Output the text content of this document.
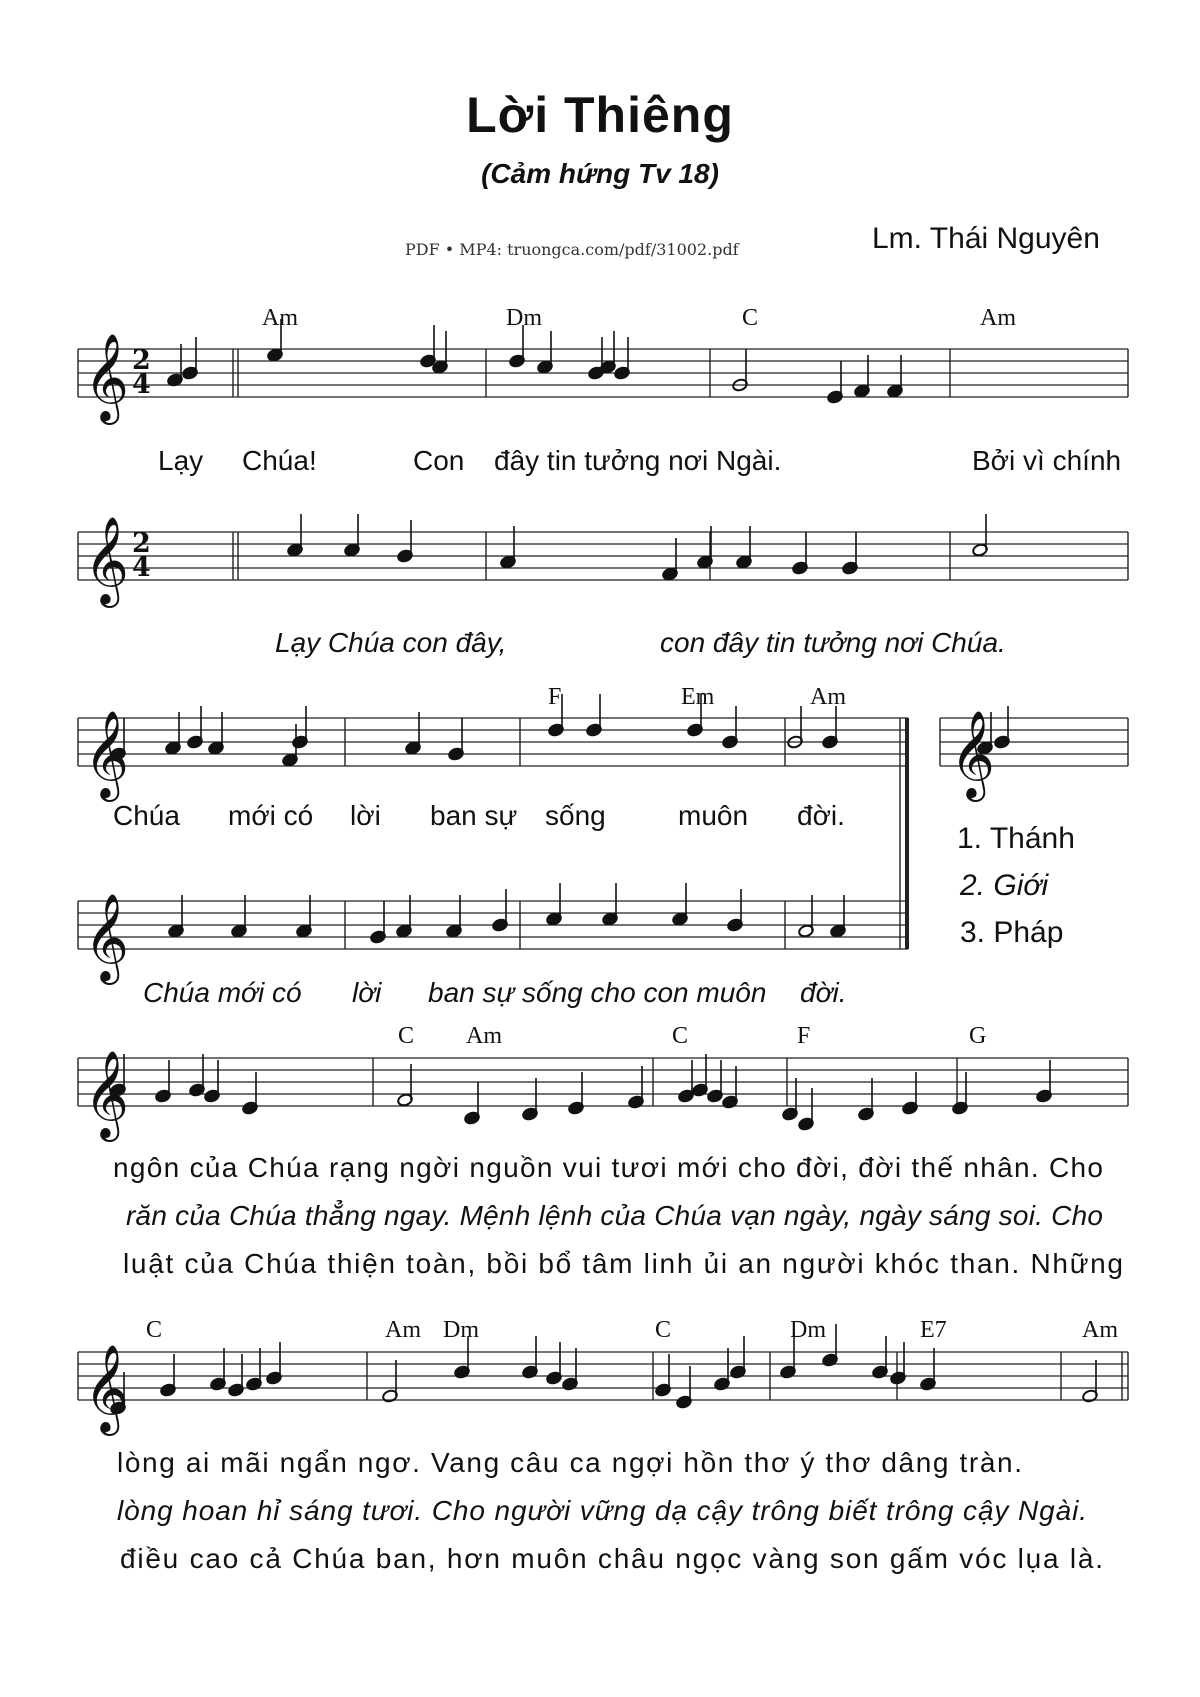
Lời Thiêng
(Cảm hứng Tv 18)
PDF • MP4: truongca.com/pdf/31002.pdf	Lm. Thái Nguyên
Am	Dm	C	Am
𝄞 2
4
Lạy Chúa!	Con đây tin tưởng nơi Ngài.	Bởi vì chính
𝄞 2
4
Lạy Chúa con đây,	con đây tin tưởng nơi Chúa.
F	Em	Am
𝄞	𝄞
Chúa mới có lời ban sự sống	muôn đời.
1. Thánh
2. Giới
3. Pháp
𝄞
Chúa mới có lời ban sự sống cho con muôn đời.
C Am	C	F	G
𝄞
ngôn của Chúa rạng ngời nguồn vui tươi mới cho đời, đời thế nhân. Cho
răn của Chúa thẳng ngay. Mệnh lệnh của Chúa vạn ngày, ngày sáng soi. Cho
luật của Chúa thiện toàn, bồi bổ tâm linh ủi an người khóc than. Những
C	Am Dm	C	Dm	E7	Am
𝄞
lòng ai mãi ngẩn ngơ. Vang câu ca ngợi hồn thơ ý thơ dâng tràn.
lòng hoan hỉ sáng tươi. Cho người vững dạ cậy trông biết trông cậy Ngài.
điều cao cả Chúa ban, hơn muôn châu ngọc vàng son gấm vóc lụa là.
